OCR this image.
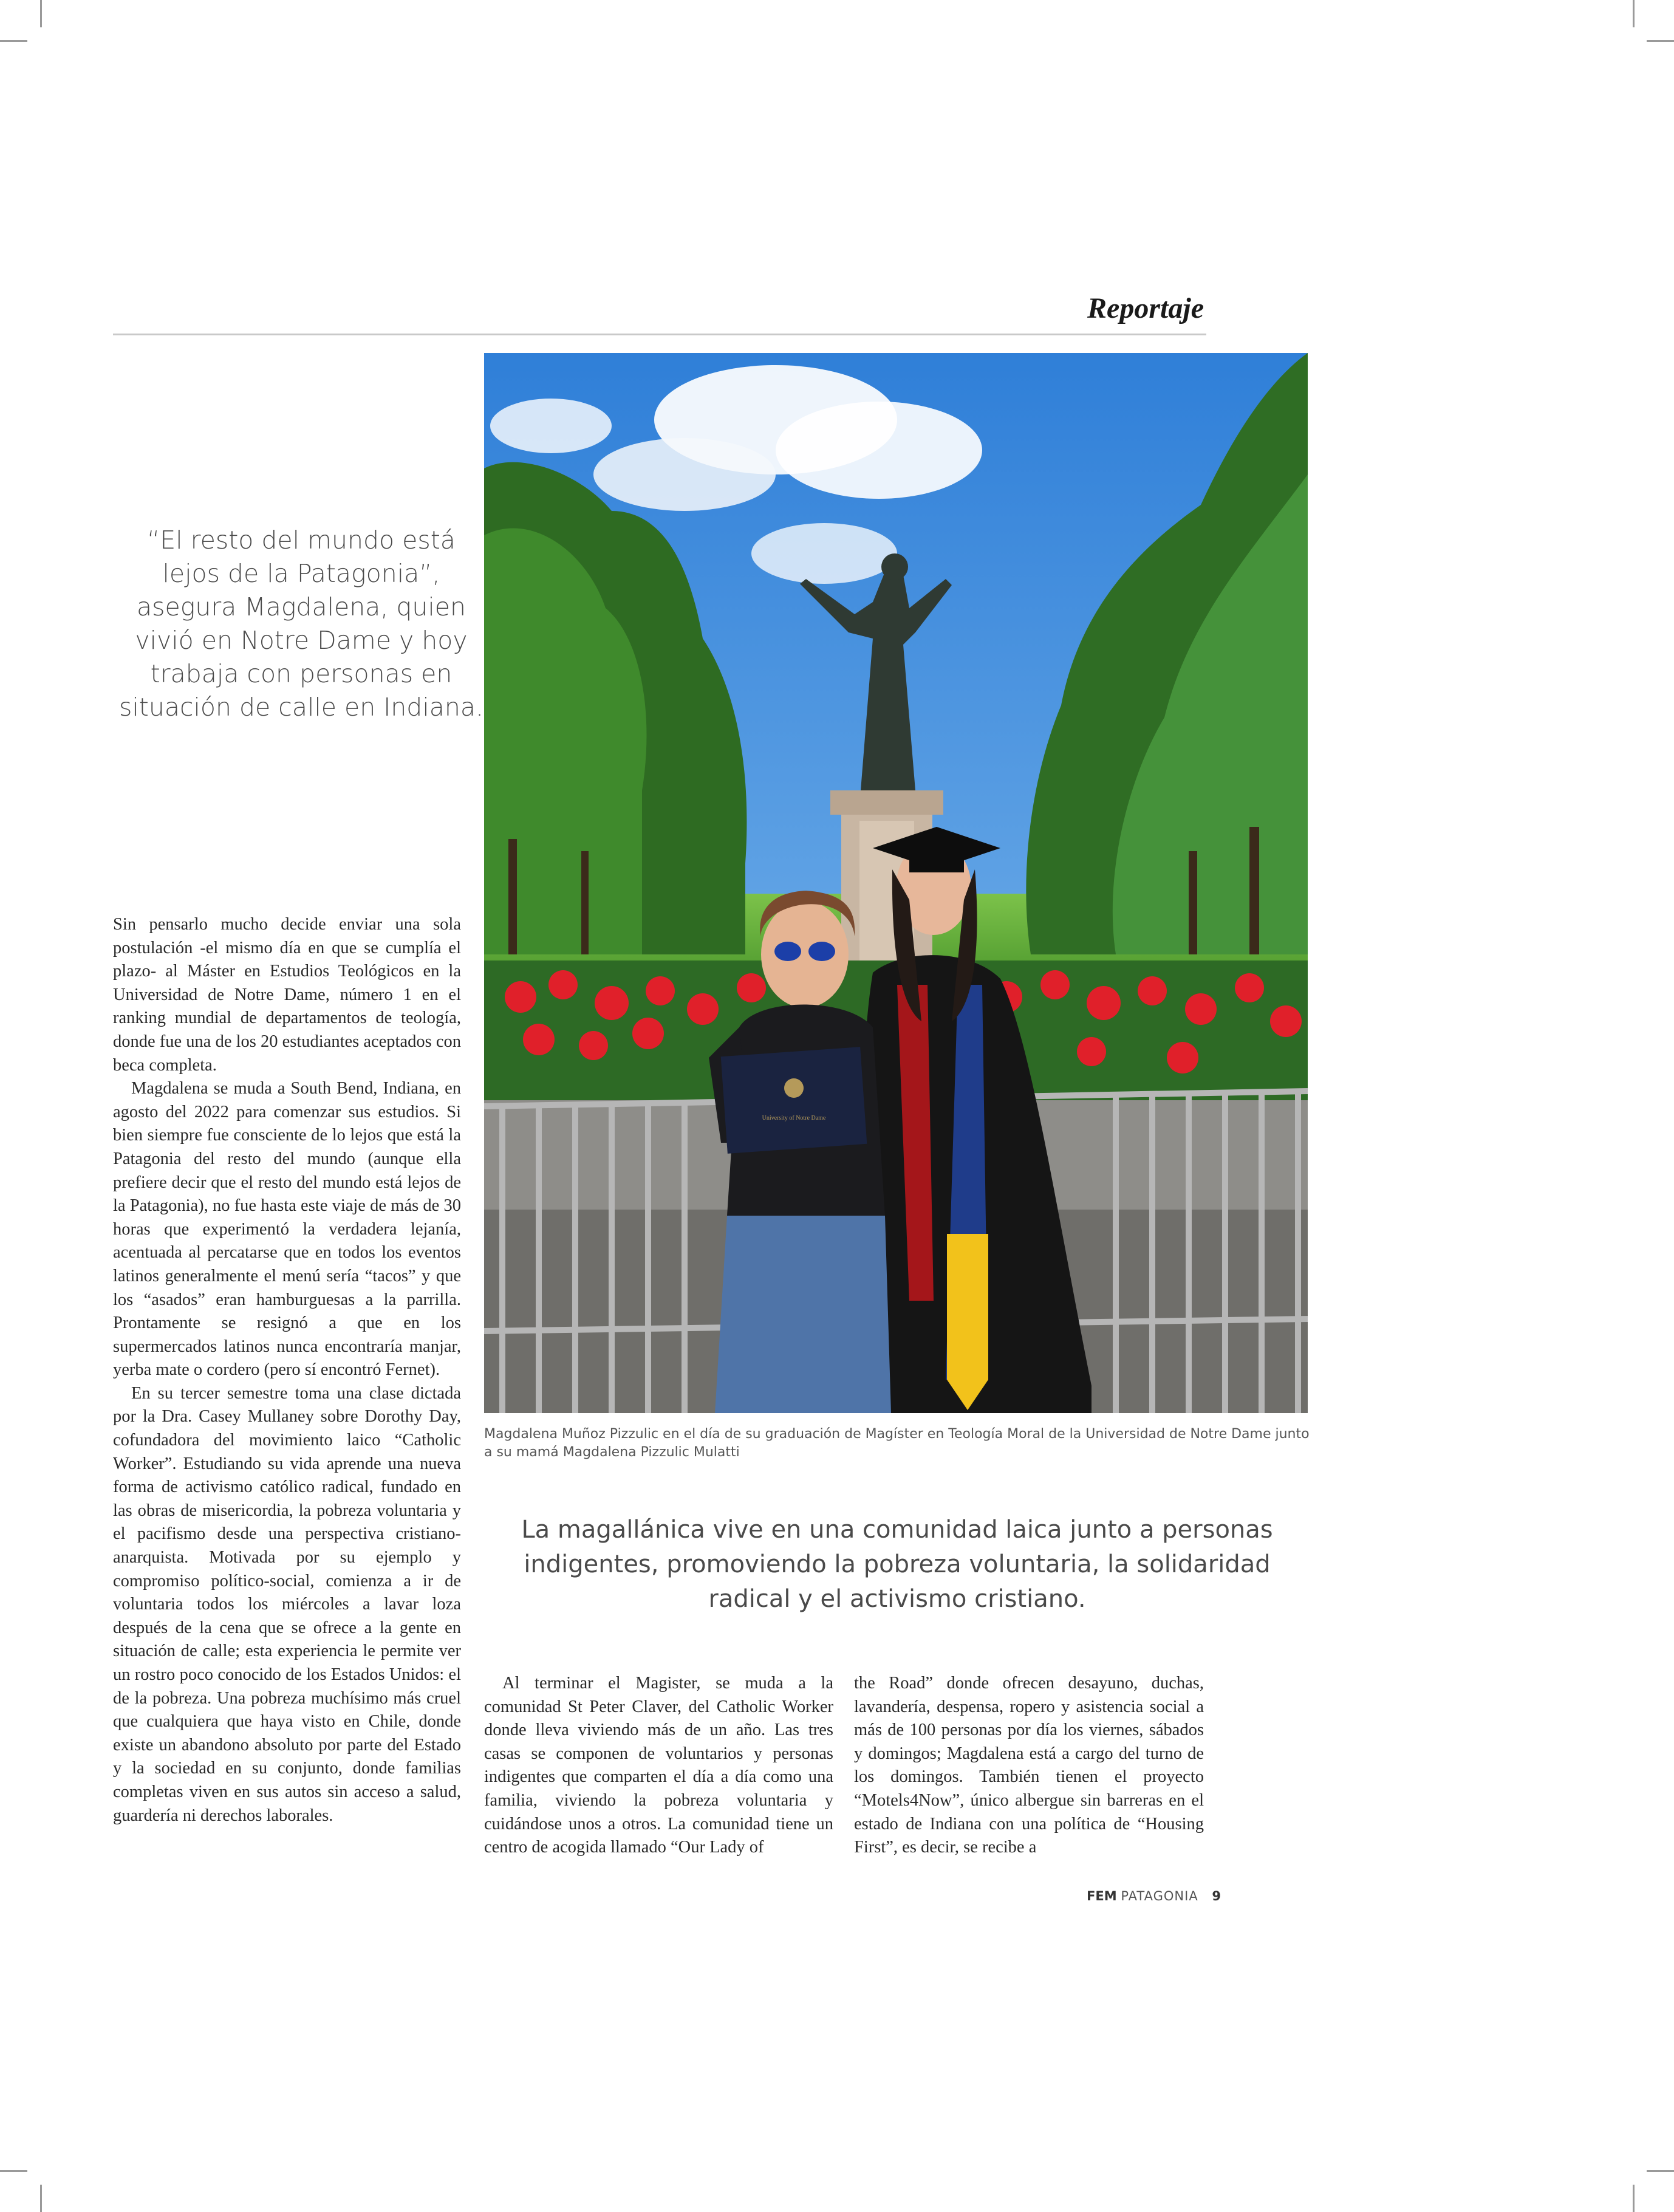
Reportaje
“El resto del mundo está lejos de la Patagonia”, asegura Magdalena, quien vivió en Notre Dame y hoy trabaja con personas en situación de calle en Indiana.

Sin pensarlo mucho decide enviar una sola postulación -el mismo día en que se cumplía el plazo- al Máster en Estudios Teológicos en la Universidad de Notre Dame, número 1 en el ranking mundial de departamentos de teología, donde fue una de los 20 estudiantes aceptados con beca completa.

Magdalena se muda a South Bend, Indiana, en agosto del 2022 para comenzar sus estudios. Si bien siempre fue consciente de lo lejos que está la Patagonia del resto del mundo (aunque ella prefiere decir que el resto del mundo está lejos de la Patagonia), no fue hasta este viaje de más de 30 horas que experimentó la verdadera lejanía, acentuada al percatarse que en todos los eventos latinos generalmente el menú sería “tacos” y que los “asados” eran hamburguesas a la parrilla. Prontamente se resignó a que en los supermercados latinos nunca encontraría manjar, yerba mate o cordero (pero sí encontró Fernet).

En su tercer semestre toma una clase dictada por la Dra. Casey Mullaney sobre Dorothy Day, cofundadora del movimiento laico “Catholic Worker”. Estudiando su vida aprende una nueva forma de activismo católico radical, fundado en las obras de misericordia, la pobreza voluntaria y el pacifismo desde una perspectiva cristiano-anarquista. Motivada por su ejemplo y compromiso político-social, comienza a ir de voluntaria todos los miércoles a lavar loza después de la cena que se ofrece a la gente en situación de calle; esta experiencia le permite ver un rostro poco conocido de los Estados Unidos: el de la pobreza. Una pobreza muchísimo más cruel que cualquiera que haya visto en Chile, donde existe un abandono absoluto por parte del Estado y la sociedad en su conjunto, donde familias completas viven en sus autos sin acceso a salud, guardería ni derechos laborales.

University of Notre Dame
Magdalena Muñoz Pizzulic en el día de su graduación de Magíster en Teología Moral de la Universidad de Notre Dame junto a su mamá Magdalena Pizzulic Mulatti
La magallánica vive en una comunidad laica junto a personas indigentes, promoviendo la pobreza voluntaria, la solidaridad radical y el activismo cristiano.

Al terminar el Magister, se muda a la comunidad St Peter Claver, del Catholic Worker donde lleva viviendo más de un año. Las tres casas se componen de voluntarios y personas indigentes que comparten el día a día como una familia, viviendo la pobreza voluntaria y cuidándose unos a otros. La comunidad tiene un centro de acogida llamado “Our Lady of

the Road” donde ofrecen desayuno, duchas, lavandería, despensa, ropero y asistencia social a más de 100 personas por día los viernes, sábados y domingos; Magdalena está a cargo del turno de los domingos. También tienen el proyecto “Motels4Now”, único albergue sin barreras en el estado de Indiana con una política de “Housing First”, es decir, se recibe a

FEM PATAGONIA 9
